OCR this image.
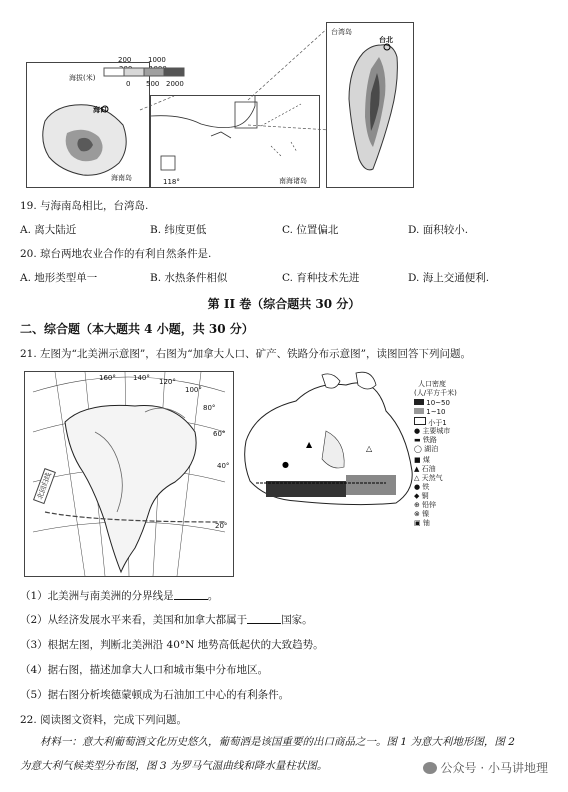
海拔(米)
海口
海南岛
0 500 2000
200 1000
118°	南海诸岛
台湾岛
台北
19. 与海南岛相比，台湾岛.
A. 离大陆近	B. 纬度更低	C. 位置偏北	D. 面积较小.
20. 琼台两地农业合作的有利自然条件是.
A. 地形类型单一	B. 水热条件相似	C. 育种技术先进	D. 海上交通便利.
第 II 卷（综合题共 30 分）
二、综合题（本大题共 4 小题，共 30 分）
21. 左图为“北美洲示意图”，右图为“加拿大人口、矿产、铁路分布示意图”，读图回答下列问题。
160° 140° 120°
100°
80°
60°
40°
20°
北回归线
▲
●
△
人口密度
(人/平方千米)
10~50
1~10
小于1
● 主要城市
▬ 铁路
◯ 湖泊
■ 煤
▲ 石油
△ 天然气
● 铁
◆ 铜
⊕ 铅锌
⊗ 镍
▣ 铀
（1）北美洲与南美洲的分界线是	。
（2）从经济发展水平来看，美国和加拿大都属于	国家。
（3）根据左图，判断北美洲沿 40°N 地势高低起伏的大致趋势。
（4）据右图，描述加拿大人口和城市集中分布地区。
（5）据右图分析埃德蒙顿成为石油加工中心的有利条件。
22. 阅读图文资料，完成下列问题。
材料一：意大利葡萄酒文化历史悠久，葡萄酒是该国重要的出口商品之一。图 1 为意大利地形图，图 2
为意大利气候类型分布图，图 3 为罗马气温曲线和降水量柱状图。	公众号 · 小马讲地理
